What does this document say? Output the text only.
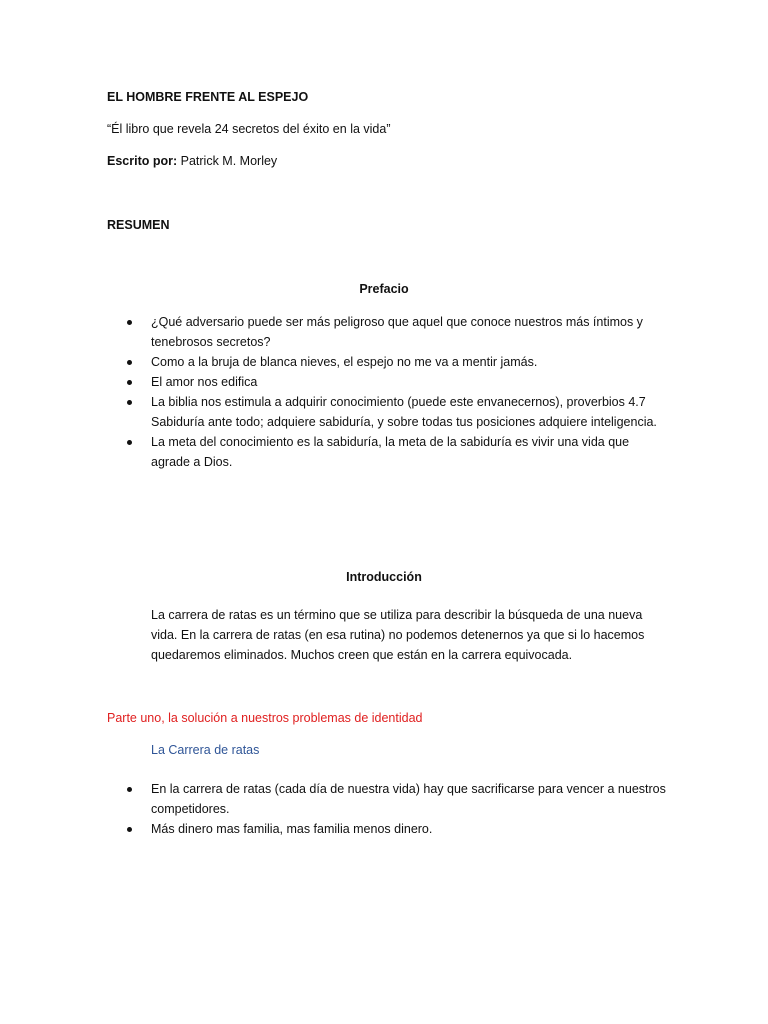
EL HOMBRE FRENTE AL ESPEJO
“Él libro que revela 24 secretos del éxito en la vida”
Escrito por: Patrick M. Morley
RESUMEN
Prefacio
¿Qué adversario puede ser más peligroso que aquel que conoce nuestros más íntimos y tenebrosos secretos?
Como a la bruja de blanca nieves, el espejo no me va a mentir jamás.
El amor nos edifica
La biblia nos estimula a adquirir conocimiento (puede este envanecernos), proverbios 4.7 Sabiduría ante todo; adquiere sabiduría, y sobre todas tus posiciones adquiere inteligencia.
La meta del conocimiento es la sabiduría, la meta de la sabiduría es vivir una vida que agrade a Dios.
Introducción
La carrera de ratas es un término que se utiliza para describir la búsqueda de una nueva vida. En la carrera de ratas (en esa rutina) no podemos detenernos ya que si lo hacemos quedaremos eliminados. Muchos creen que están en la carrera equivocada.
Parte uno, la solución a nuestros problemas de identidad
La Carrera de ratas
En la carrera de ratas (cada día de nuestra vida) hay que sacrificarse para vencer a nuestros competidores.
Más dinero mas familia, mas familia menos dinero.
